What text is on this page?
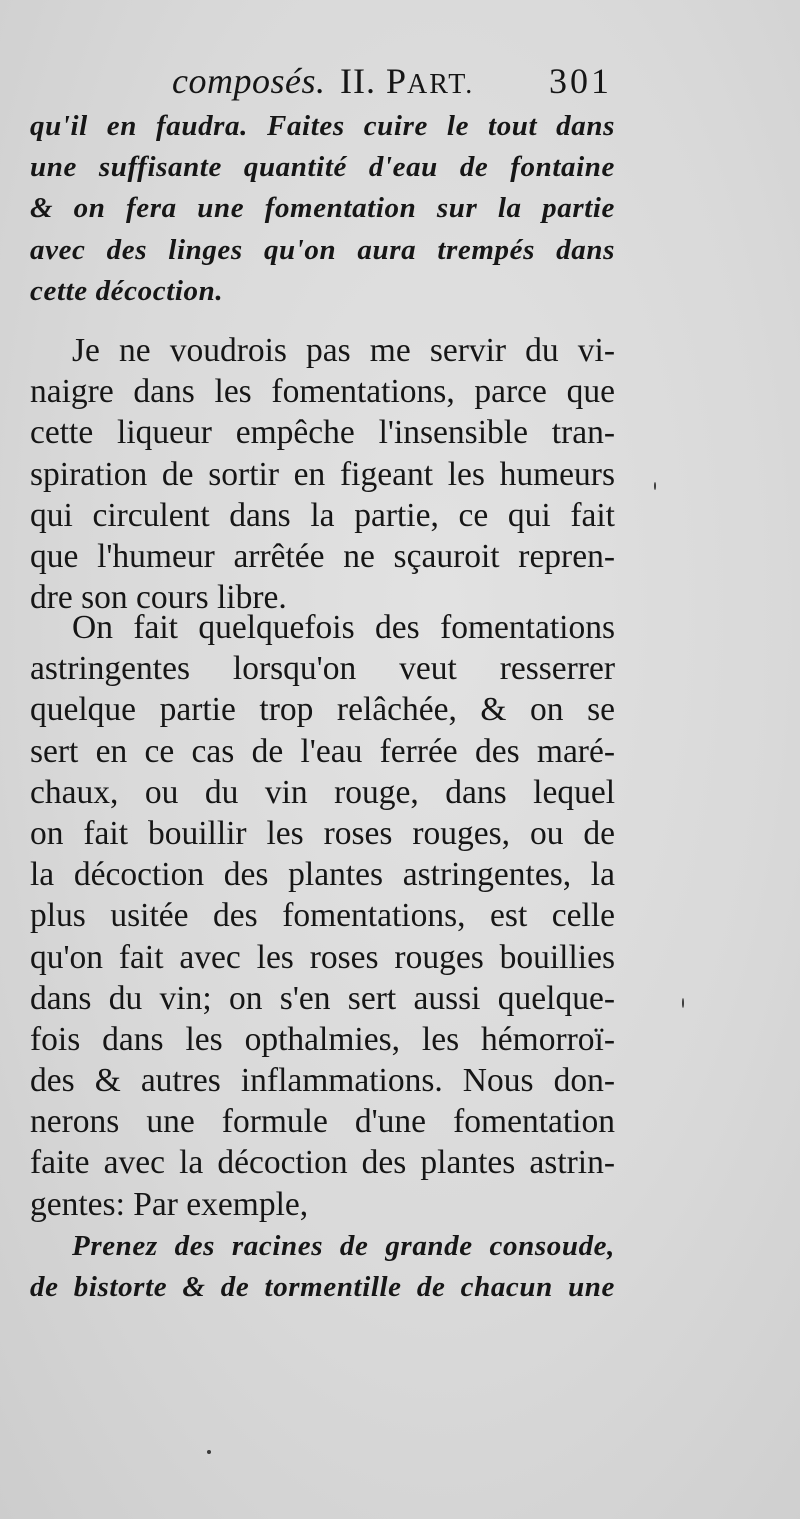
composés. II. PART. 301
qu'il en faudra. Faites cuire le tout dans
une suffisante quantité d'eau de fontaine
& on fera une fomentation sur la partie
avec des linges qu'on aura trempés dans
cette décoction.
Je ne voudrois pas me servir du vi-
naigre dans les fomentations, parce que
cette liqueur empêche l'insensible tran-
spiration de sortir en figeant les humeurs
qui circulent dans la partie, ce qui fait
que l'humeur arrêtée ne sçauroit repren-
dre son cours libre.
On fait quelquefois des fomentations
astringentes lorsqu'on veut resserrer
quelque partie trop relâchée, & on se
sert en ce cas de l'eau ferrée des maré-
chaux, ou du vin rouge, dans lequel
on fait bouillir les roses rouges, ou de
la décoction des plantes astringentes, la
plus usitée des fomentations, est celle
qu'on fait avec les roses rouges bouillies
dans du vin; on s'en sert aussi quelque-
fois dans les opthalmies, les hémorroï-
des & autres inflammations. Nous don-
nerons une formule d'une fomentation
faite avec la décoction des plantes astrin-
gentes: Par exemple,
Prenez des racines de grande consoude,
de bistorte & de tormentille de chacun une
